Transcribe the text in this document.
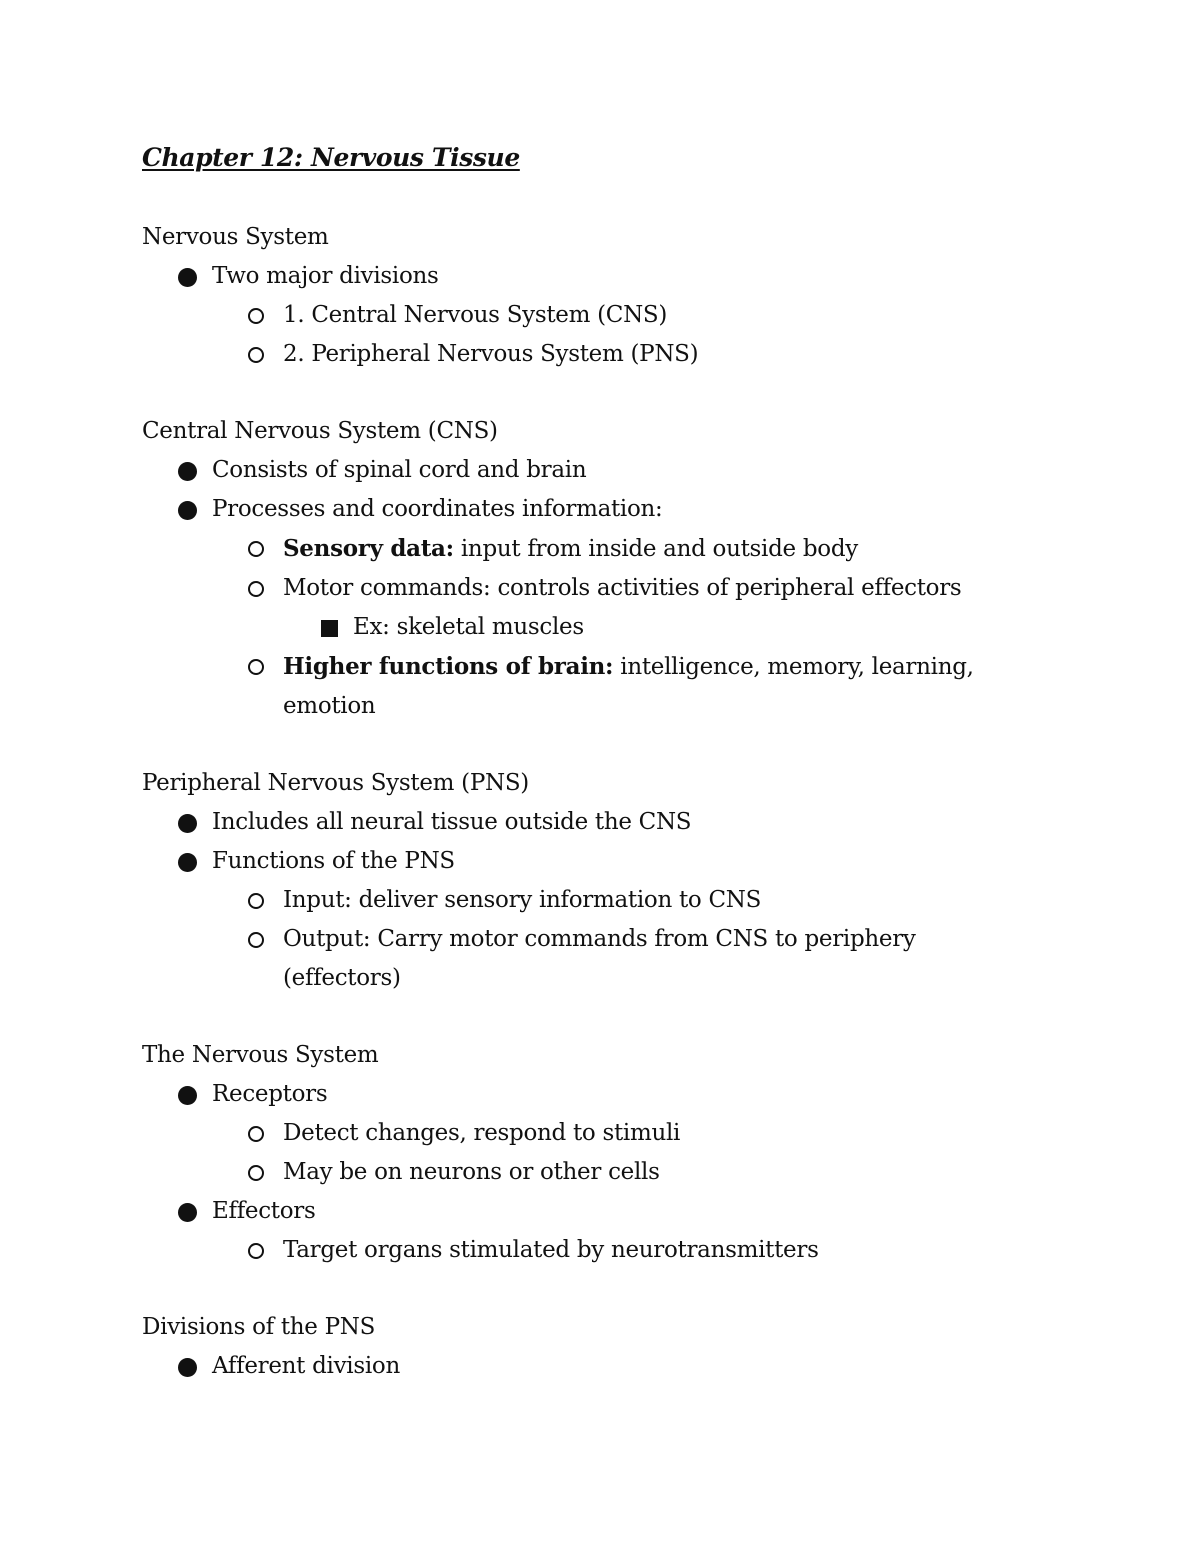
Chapter 12: Nervous Tissue
Nervous System
Two major divisions
1. Central Nervous System (CNS)
2. Peripheral Nervous System (PNS)
Central Nervous System (CNS)
Consists of spinal cord and brain
Processes and coordinates information:
Sensory data: input from inside and outside body
Motor commands: controls activities of peripheral effectors
Ex: skeletal muscles
Higher functions of brain: intelligence, memory, learning,
emotion
Peripheral Nervous System (PNS)
Includes all neural tissue outside the CNS
Functions of the PNS
Input: deliver sensory information to CNS
Output: Carry motor commands from CNS to periphery
(effectors)
The Nervous System
Receptors
Detect changes, respond to stimuli
May be on neurons or other cells
Effectors
Target organs stimulated by neurotransmitters
Divisions of the PNS
Afferent division
